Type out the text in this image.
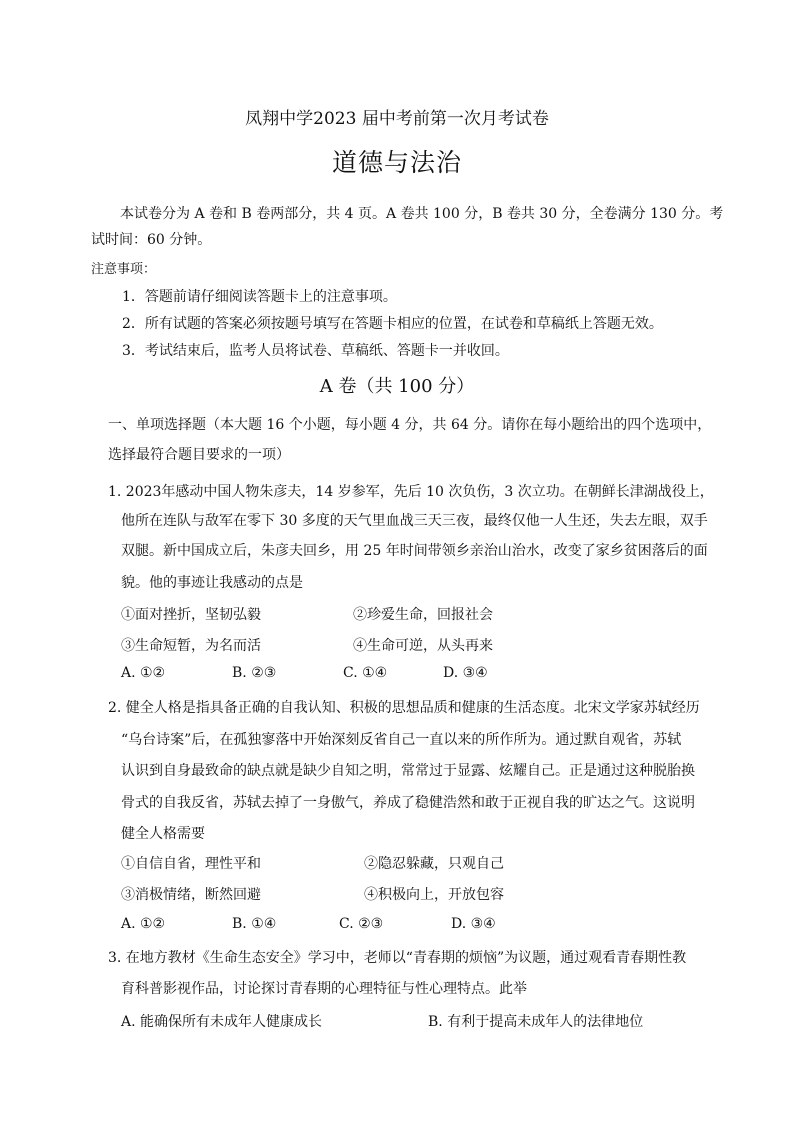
凤翔中学2023 届中考前第一次月考试卷
道德与法治
本试卷分为 A 卷和 B 卷两部分，共 4 页。A 卷共 100 分，B 卷共 30 分，全卷满分 130 分。考
试时间：60 分钟。
注意事项：
1．答题前请仔细阅读答题卡上的注意事项。
2．所有试题的答案必须按题号填写在答题卡相应的位置，在试卷和草稿纸上答题无效。
3．考试结束后，监考人员将试卷、草稿纸、答题卡一并收回。
A 卷（共 100 分）
一、单项选择题（本大题 16 个小题，每小题 4 分，共 64 分。请你在每小题给出的四个选项中，
选择最符合题目要求的一项）
1. 2023年感动中国人物朱彦夫，14 岁参军，先后 10 次负伤，3 次立功。在朝鲜长津湖战役上，
他所在连队与敌军在零下 30 多度的天气里血战三天三夜，最终仅他一人生还，失去左眼，双手
双腿。新中国成立后，朱彦夫回乡，用 25 年时间带领乡亲治山治水，改变了家乡贫困落后的面
貌。他的事迹让我感动的点是
①面对挫折，坚韧弘毅	②珍爱生命，回报社会
③生命短暂，为名而活	④生命可逆，从头再来
A. ①②	B. ②③	C. ①④	D. ③④
2. 健全人格是指具备正确的自我认知、积极的思想品质和健康的生活态度。北宋文学家苏轼经历
“乌台诗案”后，在孤独寥落中开始深刻反省自己一直以来的所作所为。通过默自观省，苏轼
认识到自身最致命的缺点就是缺少自知之明，常常过于显露、炫耀自己。正是通过这种脱胎换
骨式的自我反省，苏轼去掉了一身傲气，养成了稳健浩然和敢于正视自我的旷达之气。这说明
健全人格需要
①自信自省，理性平和	②隐忍躲藏，只观自己
③消极情绪，断然回避	④积极向上，开放包容
A. ①②	B. ①④	C. ②③	D. ③④
3. 在地方教材《生命生态安全》学习中，老师以“青春期的烦恼”为议题，通过观看青春期性教
育科普影视作品，讨论探讨青春期的心理特征与性心理特点。此举
A. 能确保所有未成年人健康成长	B. 有利于提高未成年人的法律地位
